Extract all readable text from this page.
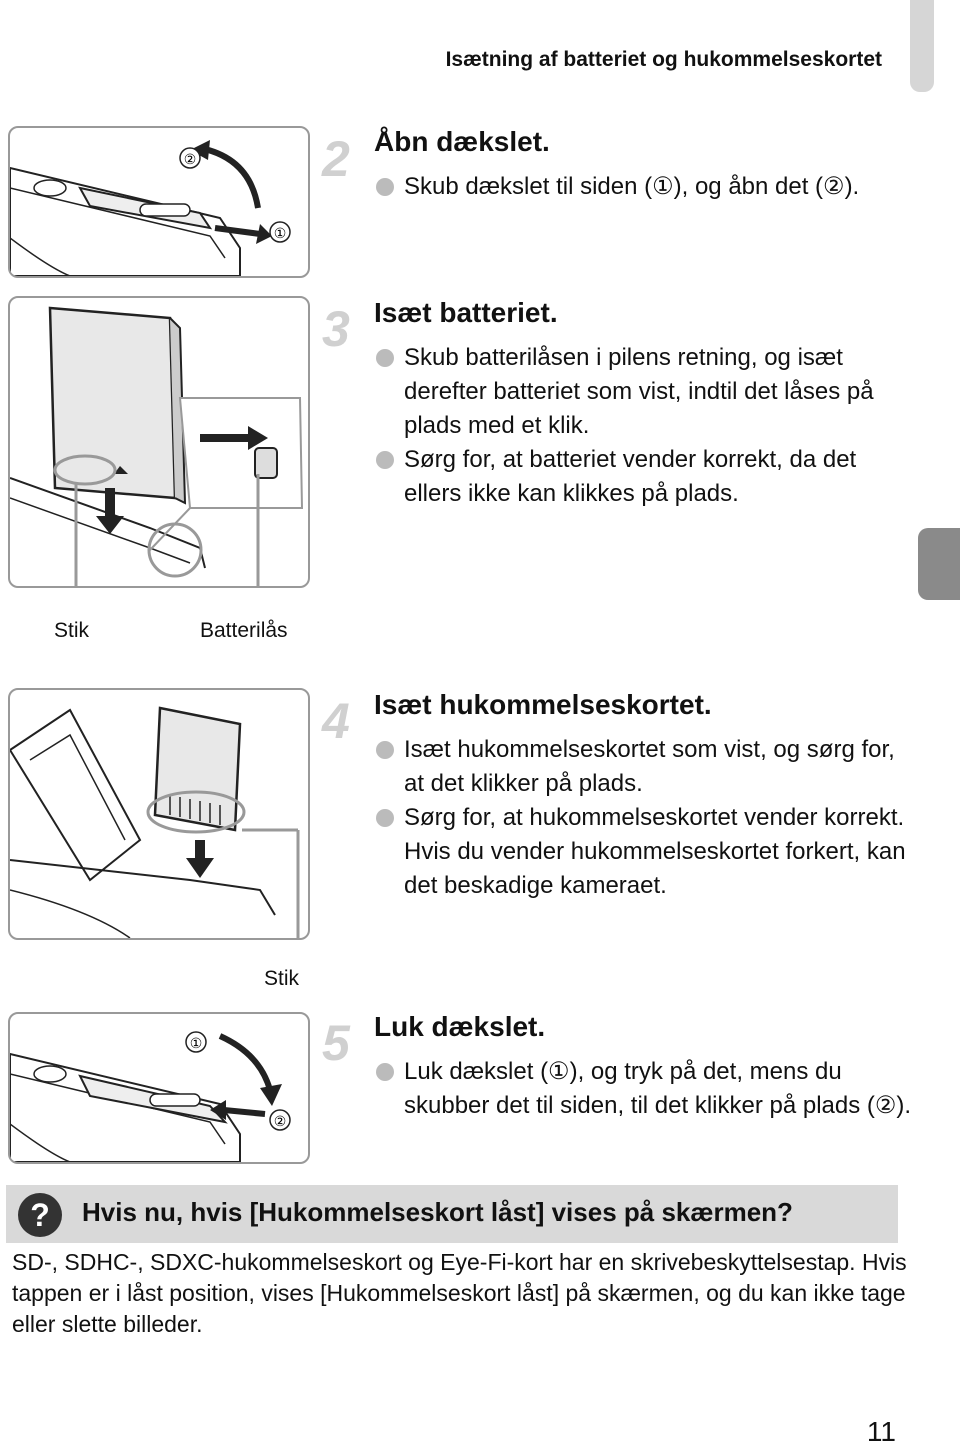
Isætning af batteriet og hukommelseskortet
②
①
Stik	Batterilås
Stik
①
②
2 Åbn dækslet.
Skub dækslet til siden (①), og åbn det (②).
3 Isæt batteriet.
Skub batterilåsen i pilens retning, og isæt derefter batteriet som vist, indtil det låses på plads med et klik.
Sørg for, at batteriet vender korrekt, da det ellers ikke kan klikkes på plads.
4 Isæt hukommelseskortet.
Isæt hukommelseskortet som vist, og sørg for, at det klikker på plads.
Sørg for, at hukommelseskortet vender korrekt. Hvis du vender hukommelseskortet forkert, kan det beskadige kameraet.
5 Luk dækslet.
Luk dækslet (①), og tryk på det, mens du skubber det til siden, til det klikker på plads (②).
?	Hvis nu, hvis [Hukommelseskort låst] vises på skærmen?
SD-, SDHC-, SDXC-hukommelseskort og Eye-Fi-kort har en skrivebeskyttelsestap. Hvis tappen er i låst position, vises [Hukommelseskort låst] på skærmen, og du kan ikke tage eller slette billeder.
11
